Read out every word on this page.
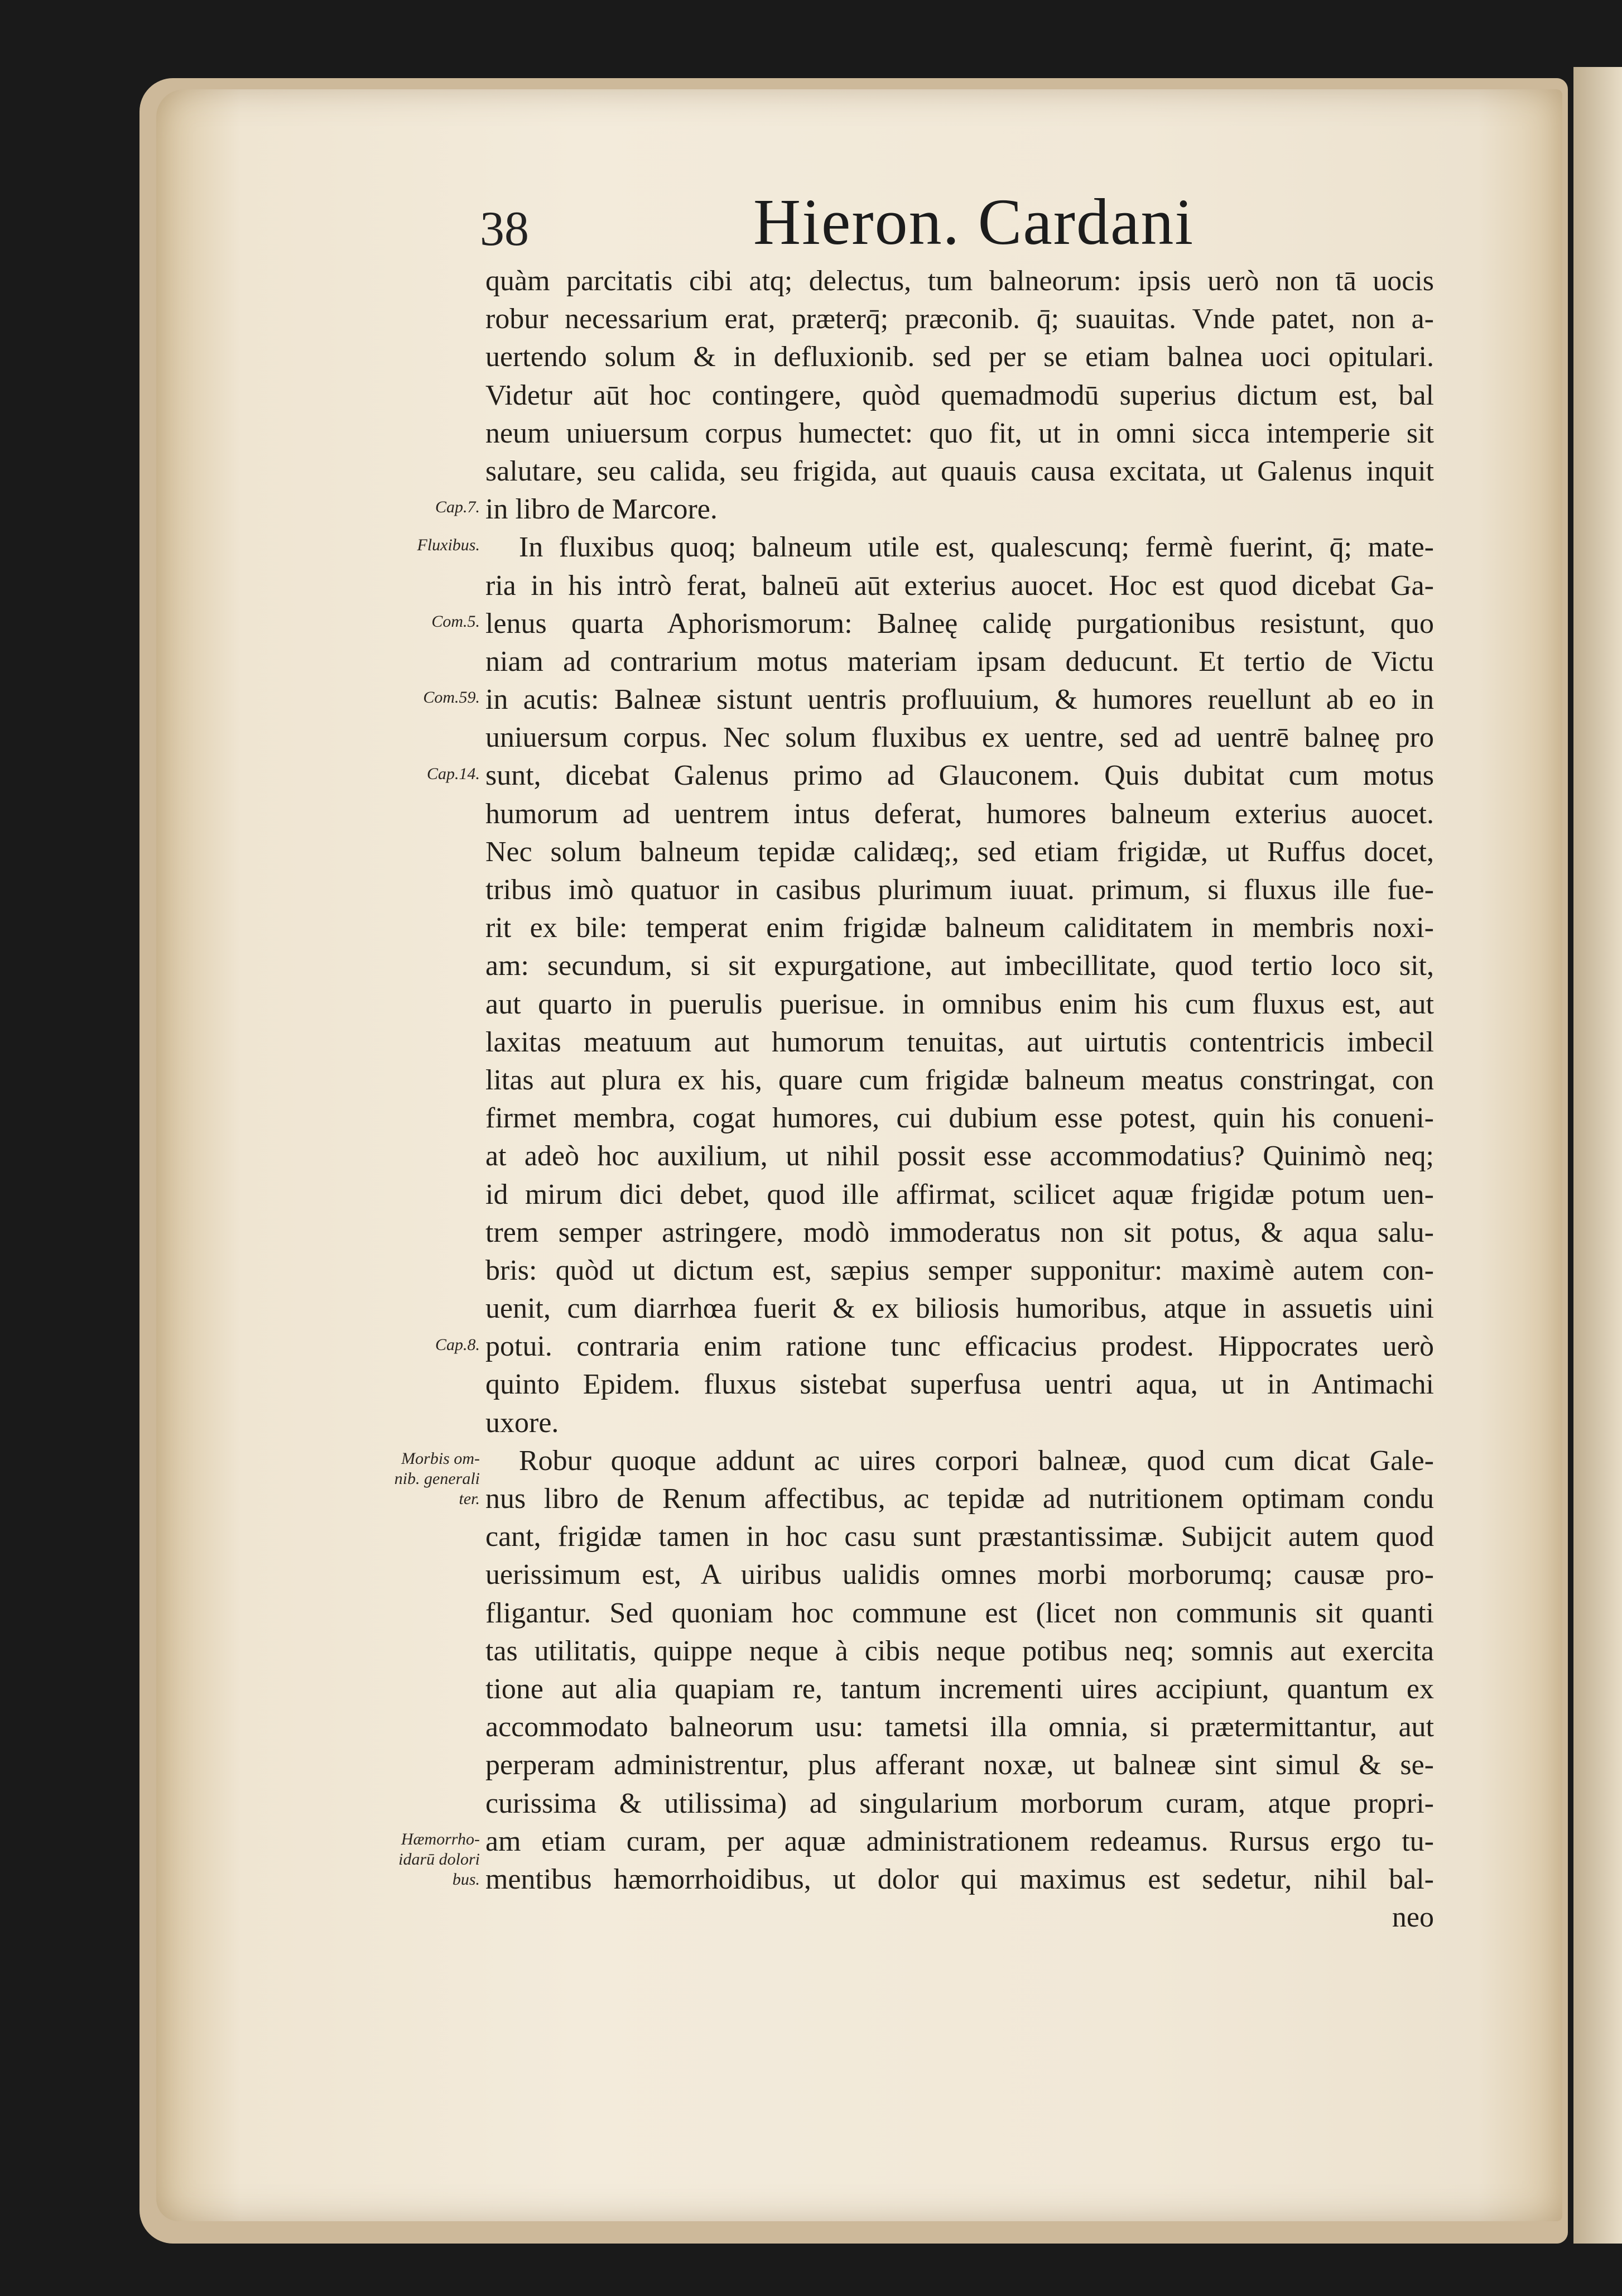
38	Hieron. Cardani
Cap.7.
Fluxibus.
Com.5.
Com.59.
Cap.14.
Cap.8.
Morbis om-
nib. generali
ter.
Hæmorrho-
idarū dolori
bus.
quàm parcitatis cibi atq; delectus, tum balneorum: ipsis uerò non tā uocis
robur necessarium erat, præterq̄; præconib. q̄; suauitas. Vnde patet, non a-
uertendo solum & in defluxionib. sed per se etiam balnea uoci opitulari.
Videtur aūt hoc contingere, quòd quemadmodū superius dictum est, bal
neum uniuersum corpus humectet: quo fit, ut in omni sicca intemperie sit
salutare, seu calida, seu frigida, aut quauis causa excitata, ut Galenus inquit
in libro de Marcore.
In fluxibus quoq; balneum utile est, qualescunq; fermè fuerint, q̄; mate-
ria in his intrò ferat, balneū aūt exterius auocet. Hoc est quod dicebat Ga-
lenus quarta Aphorismorum: Balneę calidę purgationibus resistunt, quo
niam ad contrarium motus materiam ipsam deducunt. Et tertio de Victu
in acutis: Balneæ sistunt uentris profluuium, & humores reuellunt ab eo in
uniuersum corpus. Nec solum fluxibus ex uentre, sed ad uentrē balneę pro
sunt, dicebat Galenus primo ad Glauconem. Quis dubitat cum motus
humorum ad uentrem intus deferat, humores balneum exterius auocet.
Nec solum balneum tepidæ calidæq;, sed etiam frigidæ, ut Ruffus docet,
tribus imò quatuor in casibus plurimum iuuat. primum, si fluxus ille fue-
rit ex bile: temperat enim frigidæ balneum caliditatem in membris noxi-
am: secundum, si sit expurgatione, aut imbecillitate, quod tertio loco sit,
aut quarto in puerulis puerisue. in omnibus enim his cum fluxus est, aut
laxitas meatuum aut humorum tenuitas, aut uirtutis contentricis imbecil
litas aut plura ex his, quare cum frigidæ balneum meatus constringat, con
firmet membra, cogat humores, cui dubium esse potest, quin his conueni-
at adeò hoc auxilium, ut nihil possit esse accommodatius? Quinimò neq;
id mirum dici debet, quod ille affirmat, scilicet aquæ frigidæ potum uen-
trem semper astringere, modò immoderatus non sit potus, & aqua salu-
bris: quòd ut dictum est, sæpius semper supponitur: maximè autem con-
uenit, cum diarrhœa fuerit & ex biliosis humoribus, atque in assuetis uini
potui. contraria enim ratione tunc efficacius prodest. Hippocrates uerò
quinto Epidem. fluxus sistebat superfusa uentri aqua, ut in Antimachi
uxore.
Robur quoque addunt ac uires corpori balneæ, quod cum dicat Gale-
nus libro de Renum affectibus, ac tepidæ ad nutritionem optimam condu
cant, frigidæ tamen in hoc casu sunt præstantissimæ. Subijcit autem quod
uerissimum est, A uiribus ualidis omnes morbi morborumq; causæ pro-
fligantur. Sed quoniam hoc commune est (licet non communis sit quanti
tas utilitatis, quippe neque à cibis neque potibus neq; somnis aut exercita
tione aut alia quapiam re, tantum incrementi uires accipiunt, quantum ex
accommodato balneorum usu: tametsi illa omnia, si prætermittantur, aut
perperam administrentur, plus afferant noxæ, ut balneæ sint simul & se-
curissima & utilissima) ad singularium morborum curam, atque propri-
am etiam curam, per aquæ administrationem redeamus. Rursus ergo tu-
mentibus hæmorrhoidibus, ut dolor qui maximus est sedetur, nihil bal-
neo
